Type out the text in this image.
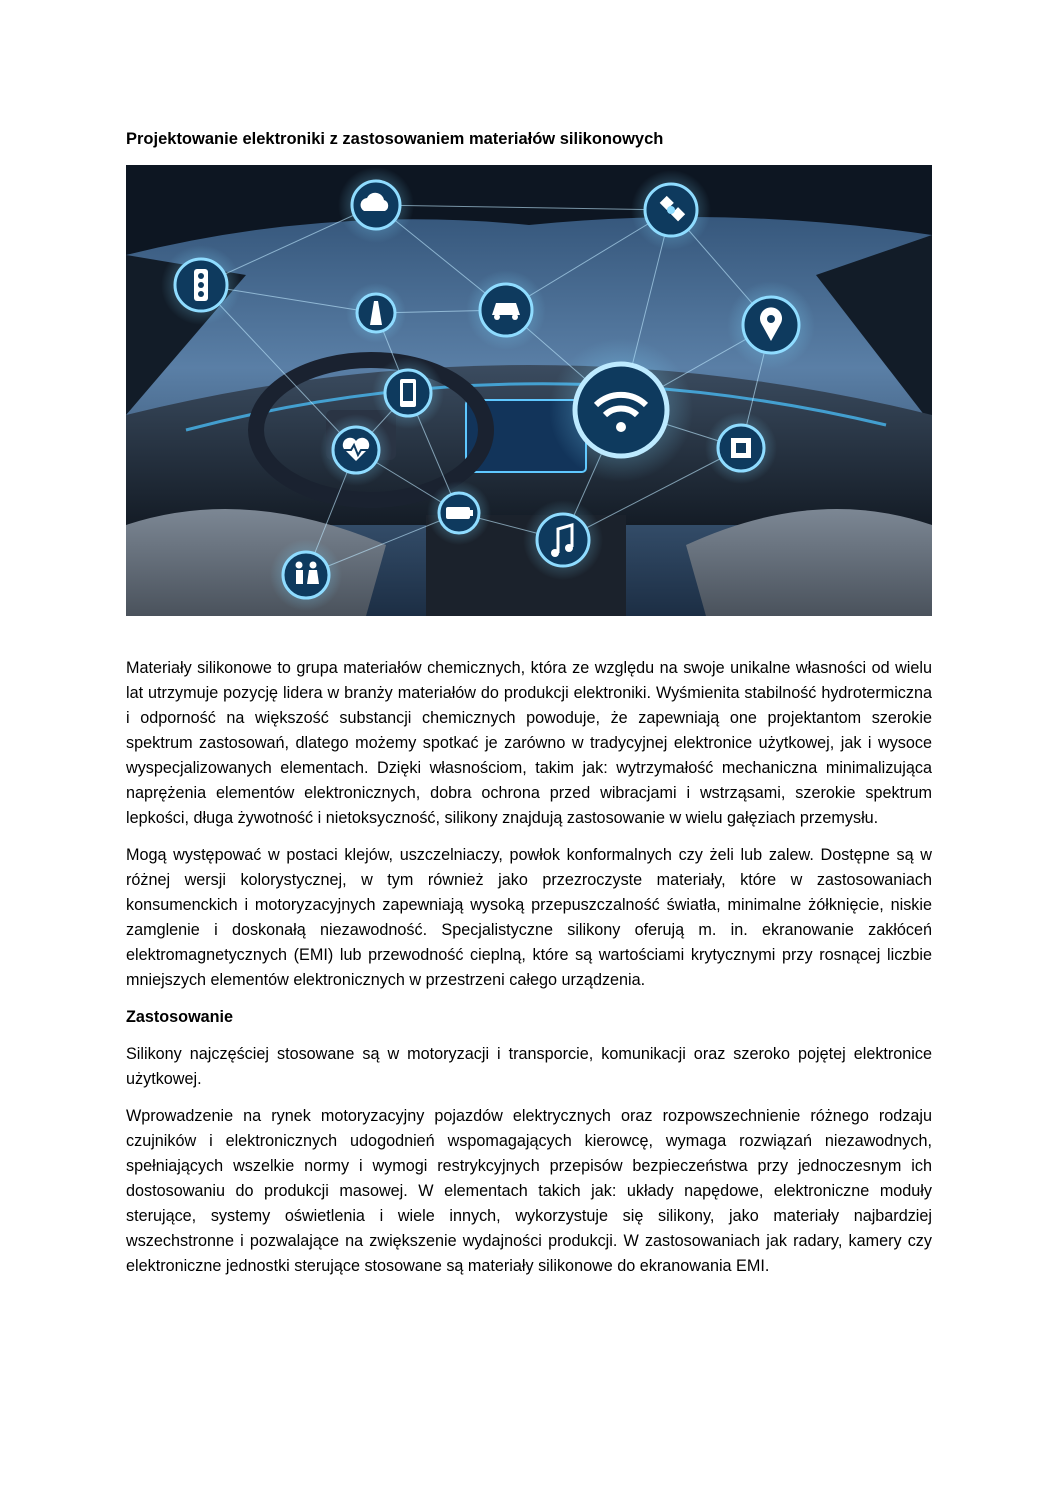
Projektowanie elektroniki z zastosowaniem materiałów silikonowych

Materiały silikonowe to grupa materiałów chemicznych, która ze względu na swoje unikalne własności od wielu lat utrzymuje pozycję lidera w branży materiałów do produkcji elektroniki. Wyśmienita stabilność hydrotermiczna i odporność na większość substancji chemicznych powoduje, że zapewniają one projektantom szerokie spektrum zastosowań, dlatego możemy spotkać je zarówno w tradycyjnej elektronice użytkowej, jak i wysoce wyspecjalizowanych elementach. Dzięki własnościom, takim jak: wytrzymałość mechaniczna minimalizująca naprężenia elementów elektronicznych, dobra ochrona przed wibracjami i wstrząsami, szerokie spektrum lepkości, długa żywotność i nietoksyczność, silikony znajdują zastosowanie w wielu gałęziach przemysłu.

Mogą występować w postaci klejów, uszczelniaczy, powłok konformalnych czy żeli lub zalew. Dostępne są w różnej wersji kolorystycznej, w tym również jako przezroczyste materiały, które w zastosowaniach konsumenckich i motoryzacyjnych zapewniają wysoką przepuszczalność światła, minimalne żółknięcie, niskie zamglenie i doskonałą niezawodność. Specjalistyczne silikony oferują m. in. ekranowanie zakłóceń elektromagnetycznych (EMI) lub przewodność cieplną, które są wartościami krytycznymi przy rosnącej liczbie mniejszych elementów elektronicznych w przestrzeni całego urządzenia.

Zastosowanie

Silikony najczęściej stosowane są w motoryzacji i transporcie, komunikacji oraz szeroko pojętej elektronice użytkowej.

Wprowadzenie na rynek motoryzacyjny pojazdów elektrycznych oraz rozpowszechnienie różnego rodzaju czujników i elektronicznych udogodnień wspomagających kierowcę, wymaga rozwiązań niezawodnych, spełniających wszelkie normy i wymogi restrykcyjnych przepisów bezpieczeństwa przy jednoczesnym ich dostosowaniu do produkcji masowej. W elementach takich jak: układy napędowe, elektroniczne moduły sterujące, systemy oświetlenia i wiele innych, wykorzystuje się silikony, jako materiały najbardziej wszechstronne i pozwalające na zwiększenie wydajności produkcji. W zastosowaniach jak radary, kamery czy elektroniczne jednostki sterujące stosowane są materiały silikonowe do ekranowania EMI.
